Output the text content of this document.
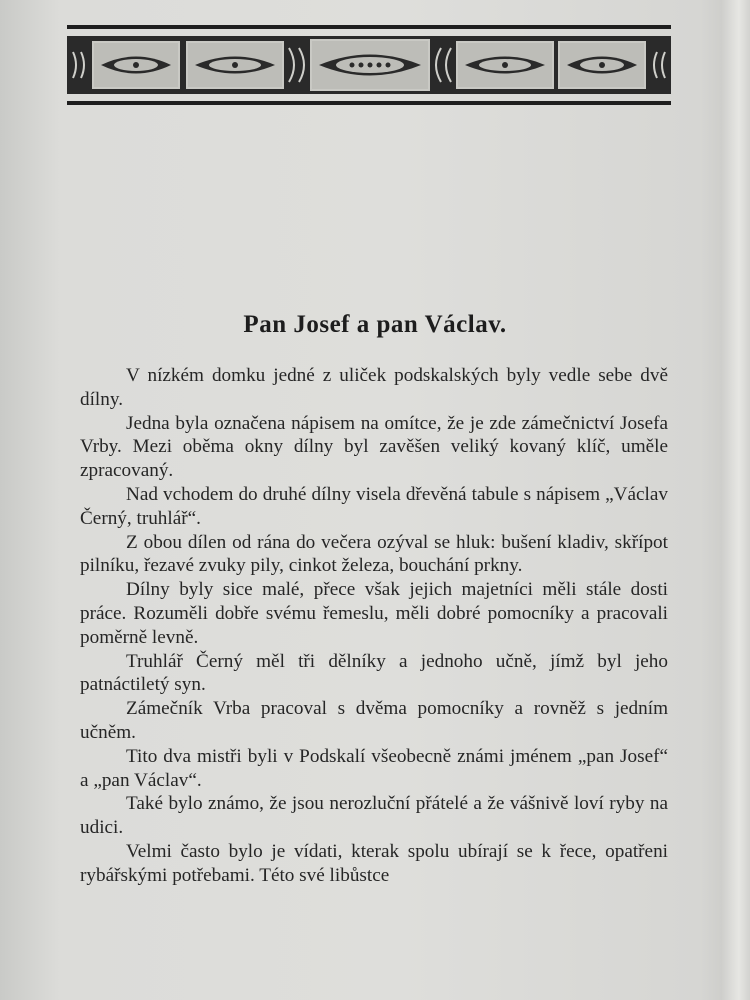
Pan Josef a pan Václav.

V nízkém domku jedné z uliček podskalských byly vedle sebe dvě dílny.

Jedna byla označena nápisem na omítce, že je zde zámečnictví Josefa Vrby. Mezi oběma okny dílny byl zavěšen veliký kovaný klíč, uměle zpracovaný.

Nad vchodem do druhé dílny visela dřevěná tabule s nápisem „Václav Černý, truhlář“.

Z obou dílen od rána do večera ozýval se hluk: bušení kladiv, skřípot pilníku, řezavé zvuky pily, cinkot železa, bouchání prkny.

Dílny byly sice malé, přece však jejich majetníci měli stále dosti práce. Rozuměli dobře svému řemeslu, měli dobré pomocníky a pracovali poměrně levně.

Truhlář Černý měl tři dělníky a jednoho učně, jímž byl jeho patnáctiletý syn.

Zámečník Vrba pracoval s dvěma pomocníky a rovněž s jedním učněm.

Tito dva mistři byli v Podskalí všeobecně známi jménem „pan Josef“ a „pan Václav“.

Také bylo známo, že jsou nerozluční přátelé a že vášnivě loví ryby na udici.

Velmi často bylo je vídati, kterak spolu ubírají se k řece, opatřeni rybářskými potřebami. Této své libůstce
